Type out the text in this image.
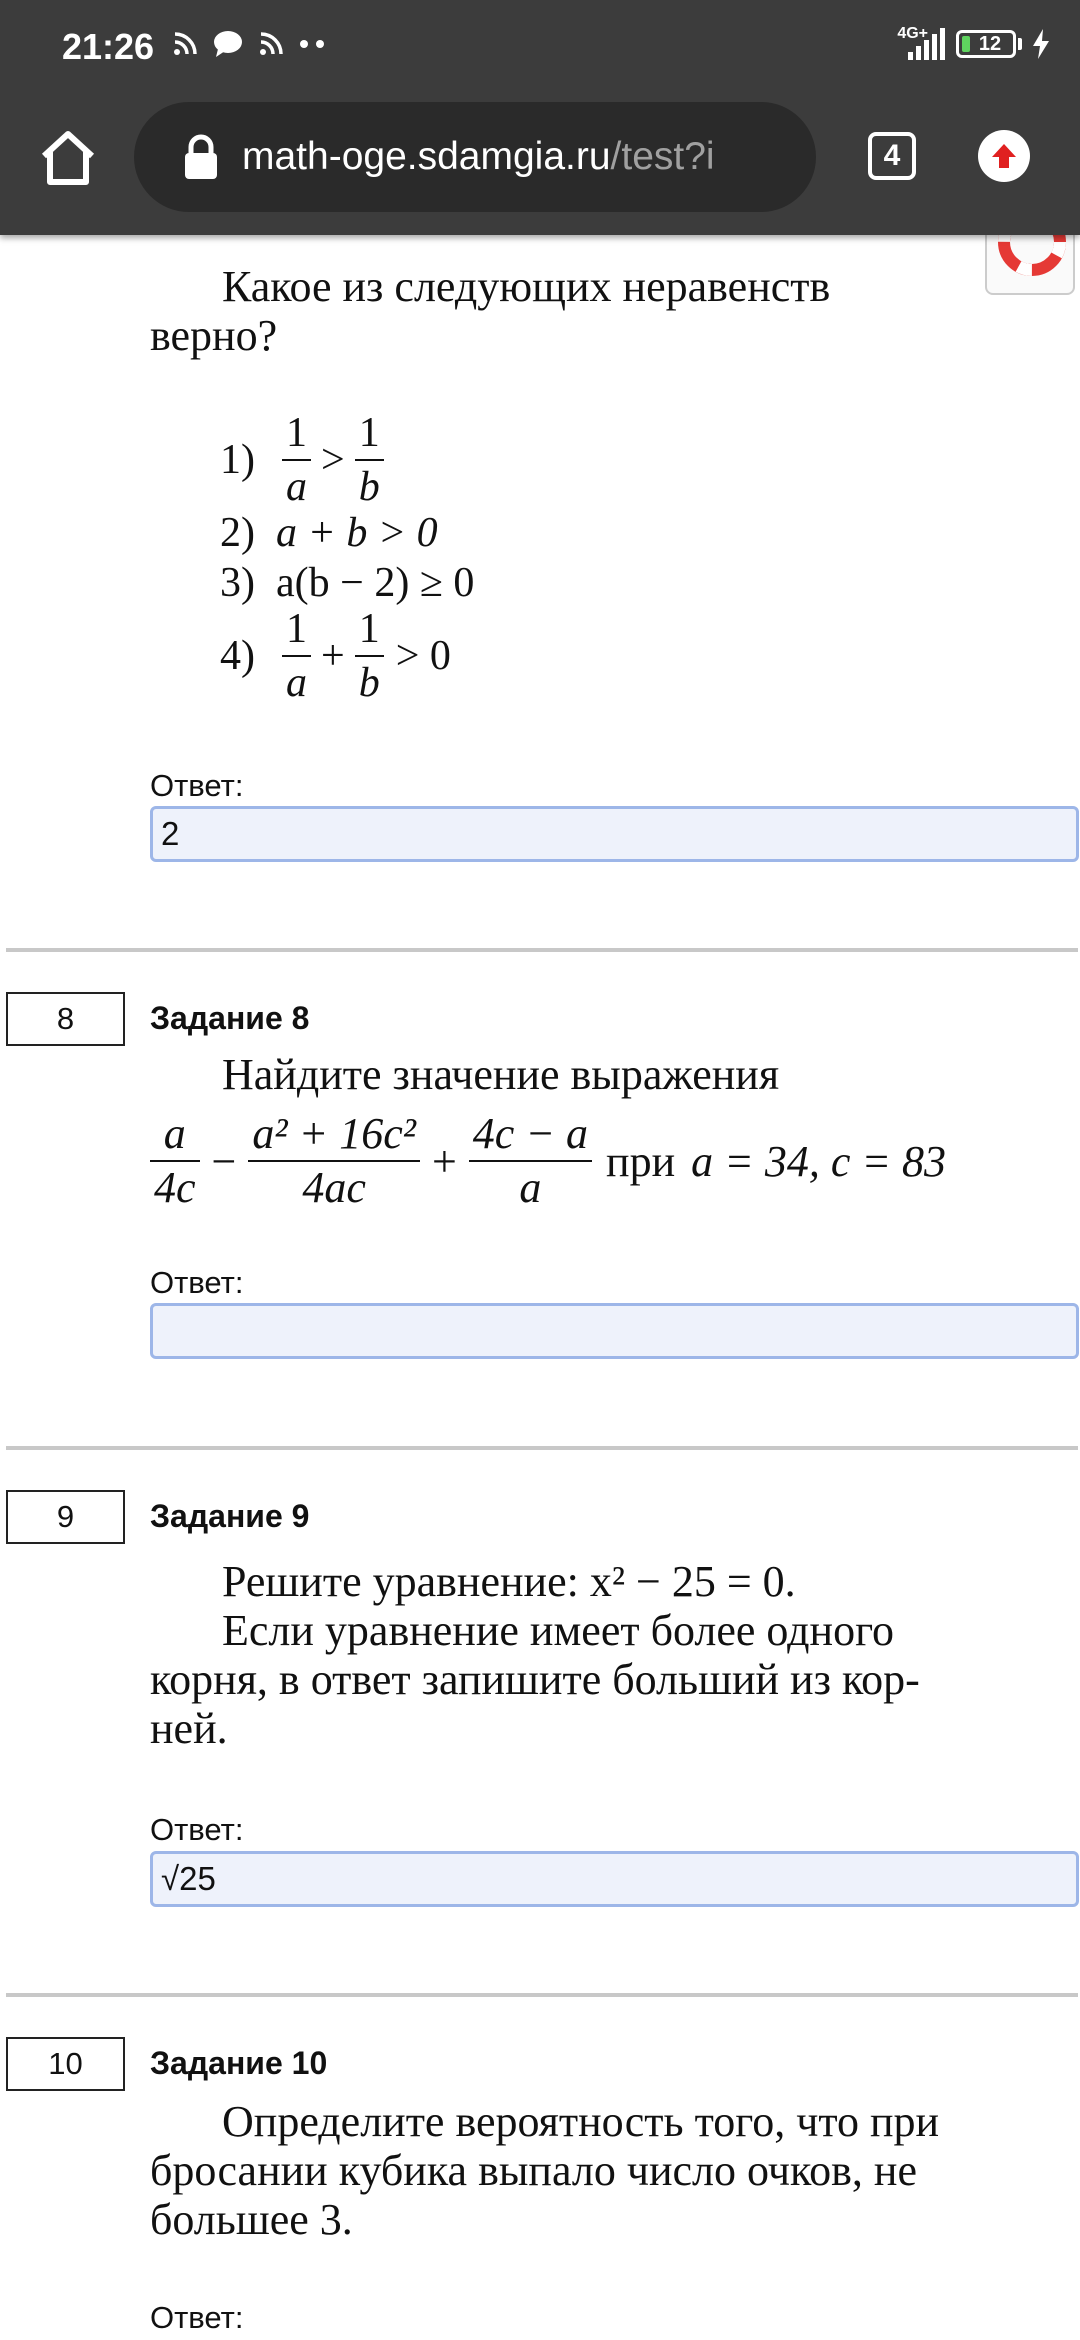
21:26	4G+	12
math-oge.sdamgia.ru/test?i	4
Какое из следующих неравенств
верно?
$1) \frac{1}{a} > \frac{1}{b}$
2) a + b > 0
3) a(b − 2) ≥ 0
$4) \frac{1}{a} + \frac{1}{b} > 0$
Ответ:
2
8	Задание 8
Найдите значение выражения
$\frac{a}{4c} - \frac{\text{a² + 16c²}}{4ac} + \frac{4c - a}{a}$ при a = 34, c = 83
Ответ:
9	Задание 9
Решите уравнение: x² − 25 = 0.
Если уравнение имеет более одного
корня, в ответ запишите больший из кор-
ней.
Ответ:
√25
10	Задание 10
Определите вероятность того, что при
бросании кубика выпало число очков, не
большее 3.
Ответ:
